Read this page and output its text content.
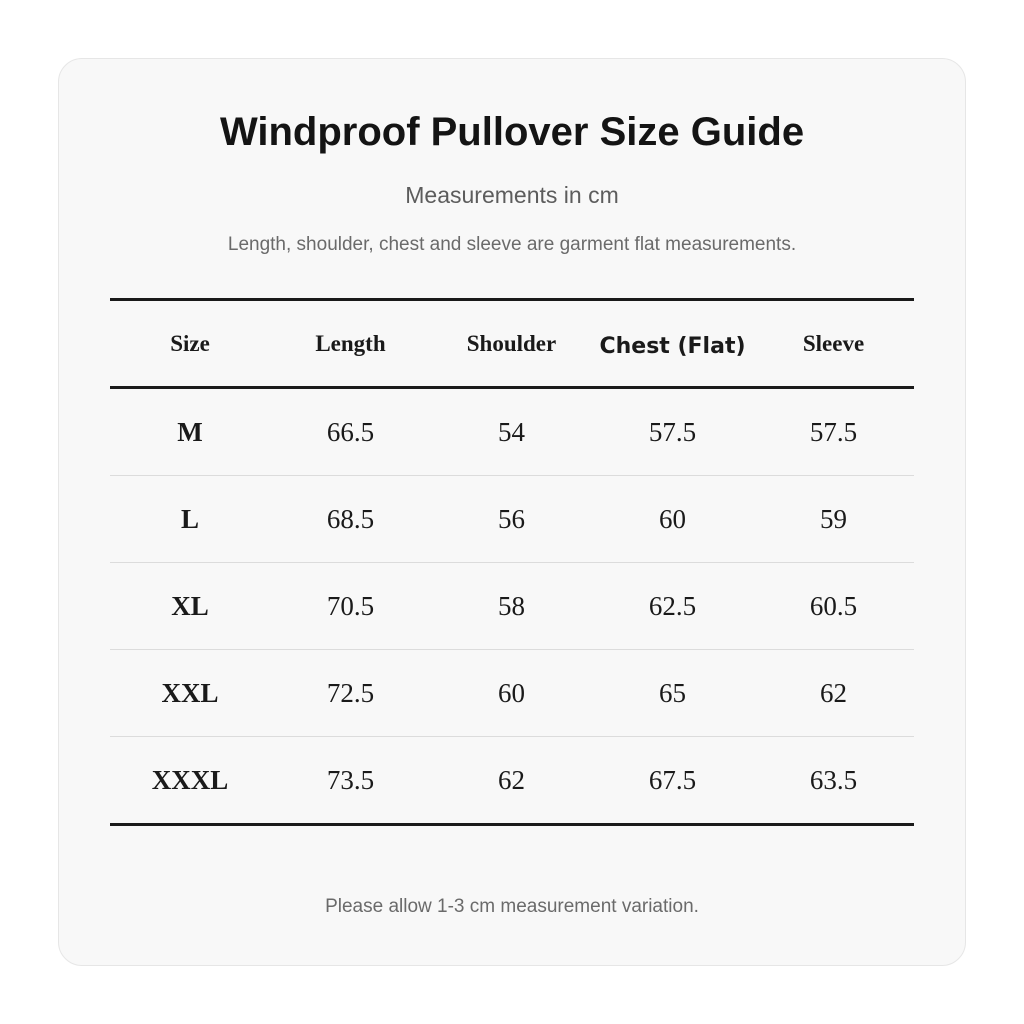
Windproof Pullover Size Guide
Measurements in cm
Length, shoulder, chest and sleeve are garment flat measurements.
Size	Length	Shoulder	Chest (Flat)	Sleeve
M	66.5	54	57.5	57.5
L	68.5	56	60	59
XL	70.5	58	62.5	60.5
XXL	72.5	60	65	62
XXXL	73.5	62	67.5	63.5
Please allow 1-3 cm measurement variation.
